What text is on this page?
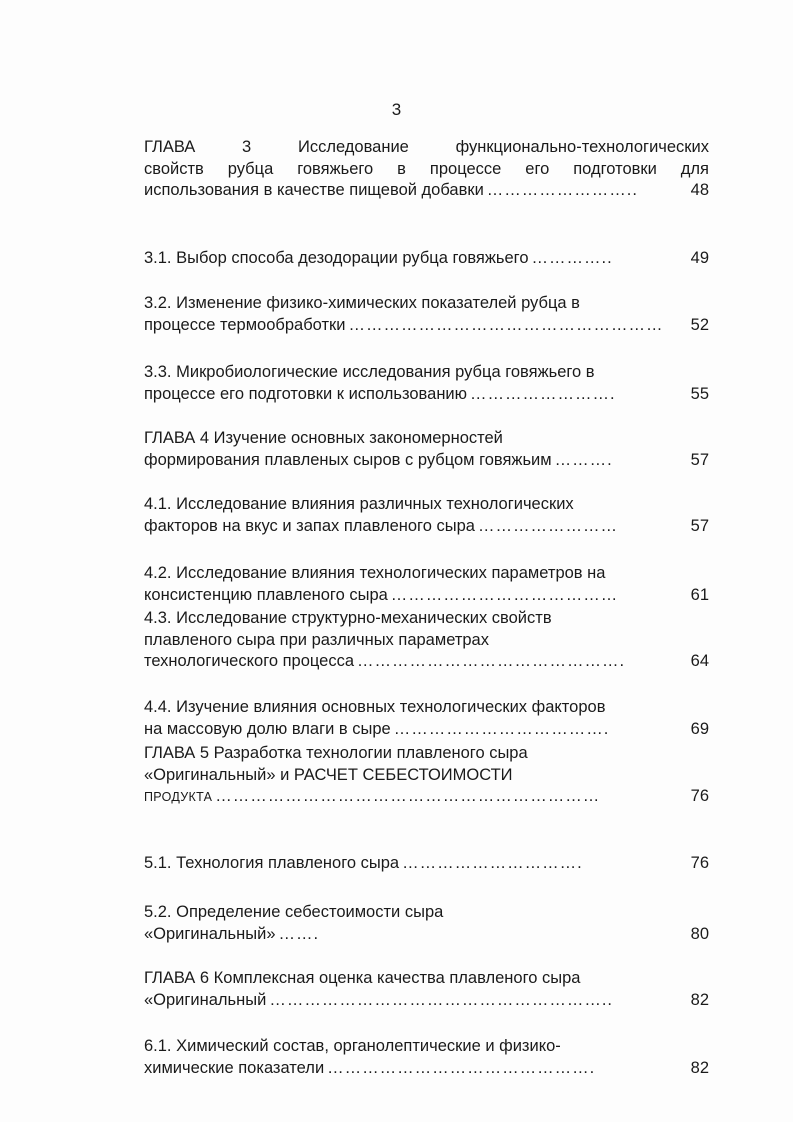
3
ГЛАВА 3 Исследование функционально-технологических
свойств рубца говяжьего в процессе его подготовки для
использования в качестве пищевой добавки ……………………..	48
3.1. Выбор способа дезодорации рубца говяжьего …………..	49
3.2. Изменение физико-химических показателей рубца в
процессе термообработки ………………………………………………	52
3.3. Микробиологические исследования рубца говяжьего в
процессе его подготовки к использованию …………………….	55
ГЛАВА 4 Изучение основных закономерностей
формирования плавленых сыров с рубцом говяжьим ……….	57
4.1. Исследование влияния различных технологических
факторов на вкус и запах плавленого сыра ……………………	57
4.2. Исследование влияния технологических параметров на
консистенцию плавленого сыра …………………………………	61
4.3. Исследование структурно-механических свойств
плавленого сыра при различных параметрах
технологического процесса ……………………………………….	64
4.4. Изучение влияния основных технологических факторов
на массовую долю влаги в сыре ……………………………….	69
ГЛАВА 5 Разработка технологии плавленого сыра
«Оригинальный» и РАСЧЕТ СЕБЕСТОИМОСТИ
ПРОДУКТА …………………………………………………………	76
5.1. Технология плавленого сыра ………………………….	76
5.2. Определение себестоимости сыра
«Оригинальный» …….	80
ГЛАВА 6 Комплексная оценка качества плавленого сыра
«Оригинальный …………………………………………………..	82
6.1. Химический состав, органолептические и физико-
химические показатели ……………………………………….	82
